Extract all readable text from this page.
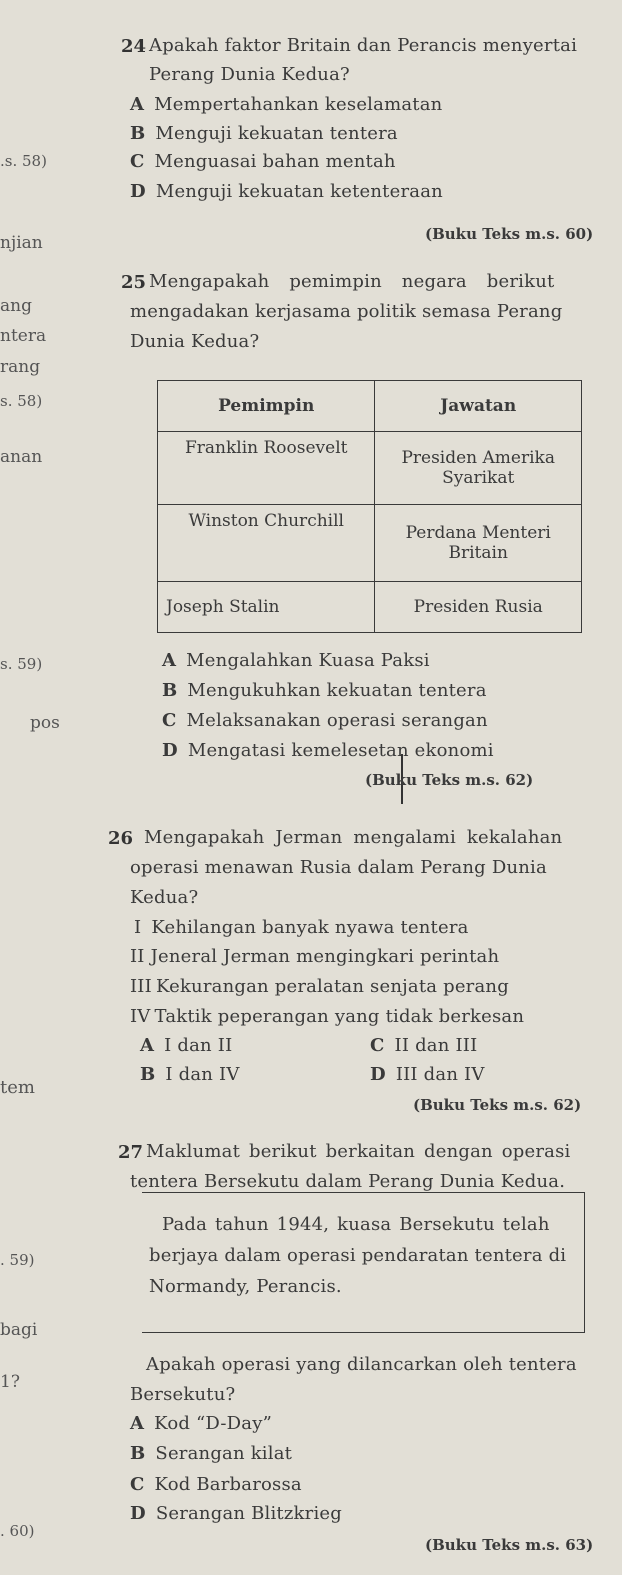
.s. 58)
njian
ang
ntera
rang
s. 58)
anan
s. 59)
pos
tem
. 59)
bagi
1?
. 60)
24 Apakah faktor Britain dan Perancis menyertai
Perang Dunia Kedua?
A Mempertahankan keselamatan
B Menguji kekuatan tentera
C Menguasai bahan mentah
D Menguji kekuatan ketenteraan
(Buku Teks m.s. 60)
25 Mengapakah pemimpin negara berikut
mengadakan kerjasama politik semasa Perang
Dunia Kedua?
Pemimpin	Jawatan
Franklin Roosevelt	Presiden Amerika
Syarikat

Winston Churchill	Perdana Menteri
Britain

Joseph Stalin	Presiden Rusia
A Mengalahkan Kuasa Paksi
B Mengukuhkan kekuatan tentera
C Melaksanakan operasi serangan
D Mengatasi kemelesetan ekonomi
(Buku Teks m.s. 62)
26 Mengapakah Jerman mengalami kekalahan
operasi menawan Rusia dalam Perang Dunia
Kedua?
I Kehilangan banyak nyawa tentera
II Jeneral Jerman mengingkari perintah
III Kekurangan peralatan senjata perang
IV Taktik peperangan yang tidak berkesan
A I dan II	C II dan III
B I dan IV	D III dan IV
(Buku Teks m.s. 62)
27 Maklumat berikut berkaitan dengan operasi
tentera Bersekutu dalam Perang Dunia Kedua.
Pada tahun 1944, kuasa Bersekutu telah
berjaya dalam operasi pendaratan tentera di
Normandy, Perancis.
Apakah operasi yang dilancarkan oleh tentera
Bersekutu?
A Kod “D-Day”
B Serangan kilat
C Kod Barbarossa
D Serangan Blitzkrieg
(Buku Teks m.s. 63)
